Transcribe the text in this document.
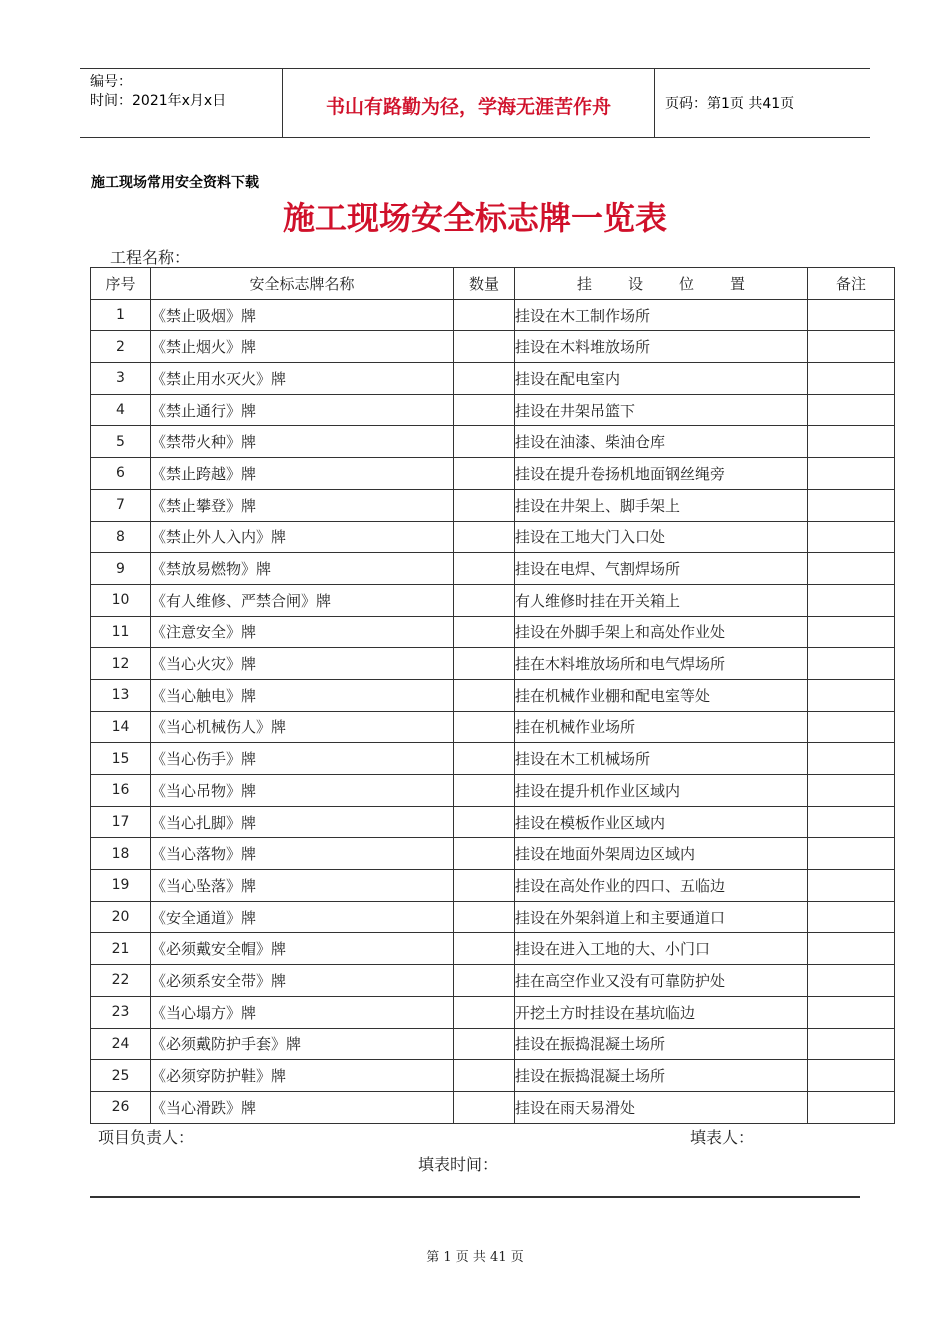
编号：
时间：2021年x月x日	书山有路勤为径，学海无涯苦作舟	页码：第1页 共41页
施工现场常用安全资料下载
施工现场安全标志牌一览表
工程名称：
序号	安全标志牌名称	数量	挂 设 位 置	备注
1	《禁止吸烟》牌		挂设在木工制作场所	
2	《禁止烟火》牌		挂设在木料堆放场所	
3	《禁止用水灭火》牌		挂设在配电室内	
4	《禁止通行》牌		挂设在井架吊篮下	
5	《禁带火种》牌		挂设在油漆、柴油仓库	
6	《禁止跨越》牌		挂设在提升卷扬机地面钢丝绳旁	
7	《禁止攀登》牌		挂设在井架上、脚手架上	
8	《禁止外人入内》牌		挂设在工地大门入口处	
9	《禁放易燃物》牌		挂设在电焊、气割焊场所	
10	《有人维修、严禁合闸》牌		有人维修时挂在开关箱上	
11	《注意安全》牌		挂设在外脚手架上和高处作业处	
12	《当心火灾》牌		挂在木料堆放场所和电气焊场所	
13	《当心触电》牌		挂在机械作业棚和配电室等处	
14	《当心机械伤人》牌		挂在机械作业场所	
15	《当心伤手》牌		挂设在木工机械场所	
16	《当心吊物》牌		挂设在提升机作业区域内	
17	《当心扎脚》牌		挂设在模板作业区域内	
18	《当心落物》牌		挂设在地面外架周边区域内	
19	《当心坠落》牌		挂设在高处作业的四口、五临边	
20	《安全通道》牌		挂设在外架斜道上和主要通道口	
21	《必须戴安全帽》牌		挂设在进入工地的大、小门口	
22	《必须系安全带》牌		挂在高空作业又没有可靠防护处	
23	《当心塌方》牌		开挖土方时挂设在基坑临边	
24	《必须戴防护手套》牌		挂设在振捣混凝土场所	
25	《必须穿防护鞋》牌		挂设在振捣混凝土场所	
26	《当心滑跌》牌		挂设在雨天易滑处	
项目负责人：	填表人：
填表时间：
第 1 页 共 41 页
